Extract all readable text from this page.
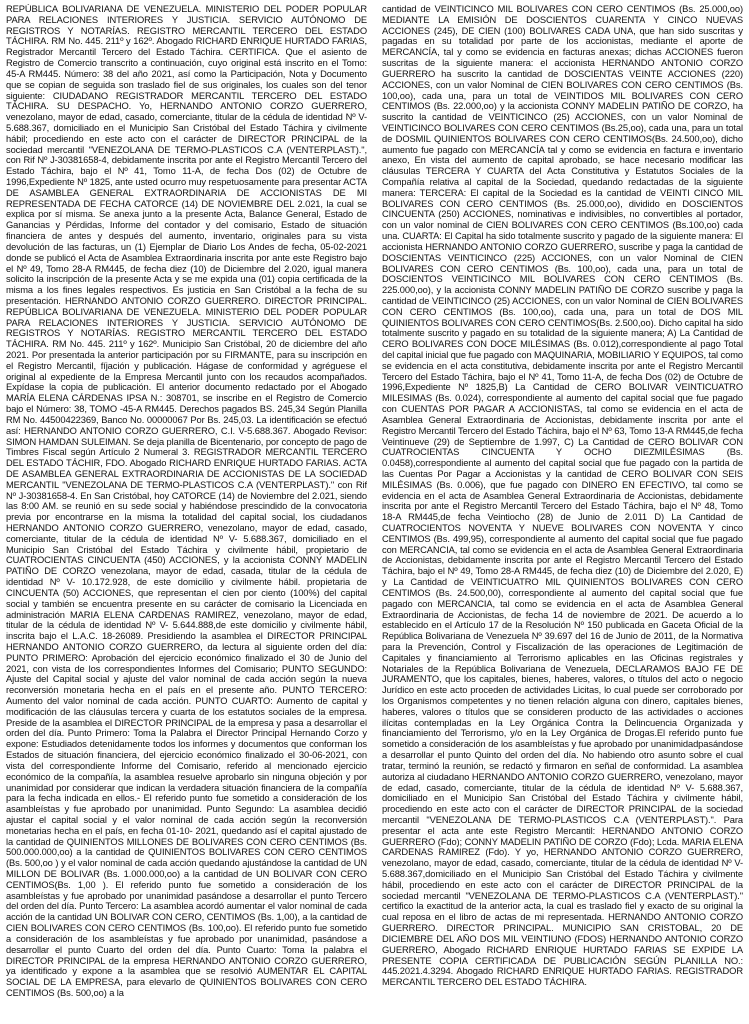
REPÚBLICA BOLIVARIANA DE VENEZUELA. MINISTERIO DEL PODER POPULAR PARA RELACIONES INTERIORES Y JUSTICIA. SERVICIO AUTÓNOMO DE REGISTROS Y NOTARÍAS. REGISTRO MERCANTIL TERCERO DEL ESTADO TÁCHIRA. RM No. 445. 211º y 162º. Abogado RICHARD ENRIQUE HURTADO FARIAS, Registrador Mercantil Tercero del Estado Táchira. CERTIFICA. Que el asiento de Registro de Comercio transcrito a continuación, cuyo original está inscrito en el Tomo: 45-A RM445. Número: 38 del año 2021, así como la Participación, Nota y Documento que se copian de seguida son traslado fiel de sus originales, los cuales son del tenor siguiente: CIUDADANO REGISTRADOR MERCANTIL TERCERO DEL ESTADO TÁCHIRA. SU DESPACHO. Yo, HERNANDO ANTONIO CORZO GUERRERO, venezolano, mayor de edad, casado, comerciante, titular de la cédula de identidad Nº V- 5.688.367, domiciliado en el Municipio San Cristóbal del Estado Táchira y civilmente hábil; procediendo en este acto con el carácter de DIRECTOR PRINCIPAL de la sociedad mercantil "VENEZOLANA DE TERMO-PLASTICOS C.A (VENTERPLAST).", con Rif Nº J-30381658-4, debidamente inscrita por ante el Registro Mercantil Tercero del Estado Táchira, bajo el Nº 41, Tomo 11-A, de fecha Dos (02) de Octubre de 1996,Expediente Nº 1825, ante usted ocurro muy respetuosamente para presentar ACTA DE ASAMBLEA GENERAL EXTRAORDINARIA DE ACCIONISTAS DE MI REPRESENTADA DE FECHA CATORCE (14) DE NOVIEMBRE DEL 2.021, la cual se explica por sí misma. Se anexa junto a la presente Acta, Balance General, Estado de Ganancias y Pérdidas, Informe del contador y del comisario, Estado de situación financiera de antes y después del aumento, inventario, originales para su vista devolución de las facturas, un (1) Ejemplar de Diario Los Andes de fecha, 05-02-2021 donde se publicó el Acta de Asamblea Extraordinaria inscrita por ante este Registro bajo el Nº 49, Tomo 28-A RM445, de fecha diez (10) de Diciembre del 2.020, igual manera solicito la inscripción de la presente Acta y se me expida una (01) copia certificada de la misma a los fines legales respectivos. Es justicia en San Cristóbal a la fecha de su presentación. HERNANDO ANTONIO CORZO GUERRERO. DIRECTOR PRINCIPAL. REPÚBLICA BOLIVARIANA DE VENEZUELA. MINISTERIO DEL PODER POPULAR PARA RELACIONES INTERIORES Y JUSTICIA. SERVICIO AUTÓNOMO DE REGISTROS Y NOTARÍAS. REGISTRO MERCANTIL TERCERO DEL ESTADO TÁCHIRA. RM No. 445. 211º y 162º. Municipio San Cristóbal, 20 de diciembre del año 2021. Por presentada la anterior participación por su FIRMANTE, para su inscripción en el Registro Mercantil, fíjación y publicación. Hágase de conformidad y agréguese el original al expediente de la Empresa Mercantil junto con los recaudos acompañados. Expídase la copia de publicación. El anterior documento redactado por el Abogado MARÍA ELENA CÁRDENAS IPSA N.: 308701, se inscribe en el Registro de Comercio bajo el Número: 38, TOMO -45-A RM445. Derechos pagados BS. 245,34 Según Planilla RM No. 44500422369, Banco No. 00000067 Por Bs. 245,03. La identificación se efectuó así: HERNANDO ANTONIO CORZO GUERRERO, C.I. V-5.688.367. Abogado Revisor: SIMON HAMDAN SULEIMAN. Se deja planilla de Bicentenario, por concepto de pago de Timbres Fiscal según Artículo 2 Numeral 3. REGISTRADOR MERCANTIL TERCERO DEL ESTADO TÁCHIR, FDO. Abogado RICHARD ENRIQUE HURTADO FARIAS. ACTA DE ASAMBLEA GENERAL EXTRAORDINARIA DE ACCIONISTAS DE LA SOCIEDAD MERCANTIL "VENEZOLANA DE TERMO-PLASTICOS C.A (VENTERPLAST)." con Rif Nº J-30381658-4. En San Cristóbal, hoy CATORCE (14) de Noviembre del 2.021, siendo las 8:00 AM. se reunió en su sede social y habiéndose prescindido de la convocatoria previa por encontrarse en la misma la totalidad del capital social, los ciudadanos HERNANDO ANTONIO CORZO GUERRERO, venezolano, mayor de edad, casado, comerciante, titular de la cédula de identidad Nº V- 5.688.367, domiciliado en el Municipio San Cristóbal del Estado Táchira y civilmente hábil, propietario de CUATROCIENTAS CINCUENTA (450) ACCIONES, y la accionista CONNY MADELIN PATIÑO DE CORZO venezolana, mayor de edad, casada, titular de la cédula de identidad Nº V- 10.172.928, de este domicilio y civilmente hábil. propietaria de CINCUENTA (50) ACCIONES, que representan el cien por ciento (100%) del capital social y también se encuentra presente en su carácter de comisario la Licenciada en administración MARIA ELENA CARDENAS RAMIREZ, venezolano, mayor de edad, titular de la cédula de identidad Nº V- 5.644.888,de este domicilio y civilmente hábil, inscrita bajo el L.A.C. 18-26089. Presidiendo la asamblea el DIRECTOR PRINCIPAL HERNANDO ANTONIO CORZO GUERRERO, da lectura al siguiente orden del día: PUNTO PRIMERO: Aprobación del ejercicio económico finalizado el 30 de Junio del 2021, con vista de los correspondientes Informes del Comisario; PUNTO SEGUNDO: Ajuste del Capital social y ajuste del valor nominal de cada acción según la nueva reconversión monetaria hecha en el país en el presente año. PUNTO TERCERO: Aumento del valor nominal de cada acción. PUNTO CUARTO: Aumento de capital y modificación de las cláusulas tercera y cuarta de los estatutos sociales de la empresa. Preside de la asamblea el DIRECTOR PRINCIPAL de la empresa y pasa a desarrollar el orden del día. Punto Primero: Toma la Palabra el Director Principal Hernando Corzo y expone: Estudiados detenidamente todos los informes y documentos que conforman los Estados de situación financiera, del ejercicio económico finalizado el 30-06-2021, con vista del correspondiente Informe del Comisario, referido al mencionado ejercicio económico de la compañía, la asamblea resuelve aprobarlo sin ninguna objeción y por unanimidad por considerar que indican la verdadera situación financiera de la compañía para la fecha indicada en ellos.- El referido punto fue sometido a consideración de los asambleístas y fue aprobado por unanimidad. Punto Segundo: La asamblea decidió ajustar el capital social y el valor nominal de cada acción según la reconversión monetarias hecha en el país, en fecha 01-10- 2021, quedando así el capital ajustado de la cantidad de QUINIENTOS MILLONES DE BOLIVARES CON CERO CENTIMOS (Bs. 500.000.000,oo) a la cantidad de QUINIENTOS BOLIVARES CON CERO CENTIMOS (Bs. 500,oo ) y el valor nominal de cada acción quedando ajustándose la cantidad de UN MILLON DE BOLIVAR (Bs. 1.000.000,oo) a la cantidad de UN BOLIVAR CON CERO CENTIMOS(Bs. 1,00 ). El referido punto fue sometido a consideración de los asambleístas y fue aprobado por unanimidad pasándose a desarrollar el punto Tercero del orden del día. Punto Tercero: La asamblea acordó aumentar el valor nominal de cada acción de la cantidad UN BOLIVAR CON CERO, CENTIMOS (Bs. 1,00), a la cantidad de CIEN BOLIVARES CON CERO CENTIMOS (Bs. 100,oo). El referido punto fue sometido a consideración de los asambleístas y fue aprobado por unanimidad, pasándose a desarrollar el punto Cuarto del orden del día. Punto Cuarto: Toma la palabra el DIRECTOR PRINCIPAL de la empresa HERNANDO ANTONIO CORZO GUERRERO, ya identificado y expone a la asamblea que se resolvió AUMENTAR EL CAPITAL SOCIAL DE LA EMPRESA, para elevarlo de QUINIENTOS BOLIVARES CON CERO CENTIMOS (Bs. 500,oo) a la

cantidad de VEINTICINCO MIL BOLIVARES CON CERO CENTIMOS (Bs. 25.000,oo) MEDIANTE LA EMISIÓN DE DOSCIENTOS CUARENTA Y CINCO NUEVAS ACCIONES (245), DE CIEN (100) BOLIVARES CADA UNA, que han sido suscritas y pagadas en su totalidad por parte de los accionistas, mediante el aporte de MERCANCÍA, tal y como se evidencia en facturas anexas; dichas ACCIONES fueron suscritas de la siguiente manera: el accionista HERNANDO ANTONIO CORZO GUERRERO ha suscrito la cantidad de DOSCIENTAS VEINTE ACCIONES (220) ACCIONES, con un valor Nominal de CIEN BOLIVARES CON CERO CENTIMOS (Bs. 100,oo), cada una, para un total de VEINTIDOS MIL BOLIVARES CON CERO CENTIMOS (Bs. 22.000,oo) y la accionista CONNY MADELIN PATIÑO DE CORZO, ha suscrito la cantidad de VEINTICINCO (25) ACCIONES, con un valor Nominal de VEINTICINCO BOLIVARES CON CERO CENTIMOS (Bs.25,oo), cada una, para un total de DOSMIL QUINIENTOS BOLIVARES CON CERO CENTIMOS(Bs. 24.500,oo), dicho aumento fue pagado con MERCANCÍA tal y como se evidencia en factura e inventario anexo, En vista del aumento de capital aprobado, se hace necesario modificar las cláusulas TERCERA Y CUARTA del Acta Constitutiva y Estatutos Sociales de la Compañía relativa al capital de la Sociedad, quedando redactadas de la siguiente manera: TERCERA: El capital de la Sociedad es la cantidad de VEINTI CINCO MIL BOLIVARES CON CERO CENTIMOS (Bs. 25.000,oo), dividido en DOSCIENTOS CINCUENTA (250) ACCIONES, nominativas e indivisibles, no convertibles al portador, con un valor nominal de CIEN BOLIVARES CON CERO CENTIMOS (Bs.100,oo) cada una. CUARTA: El Capital ha sido totalmente suscrito y pagado de la siguiente manera: El accionista HERNANDO ANTONIO CORZO GUERRERO, suscribe y paga la cantidad de DOSCIENTAS VEINTICINCO (225) ACCIONES, con un valor Nominal de CIEN BOLIVARES CON CERO CENTIMOS (Bs. 100,oo), cada una, para un total de DOSCIENTOS VEINTICINCO MIL BOLIVARES CON CERO CENTIMOS (Bs. 225.000,oo), y la accionista CONNY MADELIN PATIÑO DE CORZO suscribe y paga la cantidad de VEINTICINCO (25) ACCIONES, con un valor Nominal de CIEN BOLIVARES CON CERO CENTIMOS (Bs. 100,oo), cada una, para un total de DOS MIL QUINIENTOS BOLIVARES CON CERO CENTIMOS(Bs. 2.500,oo). Dicho capital ha sido totalmente suscrito y pagado en su totalidad de la siguiente manera; A) La Cantidad de CERO BOLIVARES CON DOCE MILÉSIMAS (Bs. 0.012),correspondiente al pago Total del capital inicial que fue pagado con MAQUINARIA, MOBILIARIO Y EQUIPOS, tal como se evidencia en el acta constitutiva, debidamente inscrita por ante el Registro Mercantil Tercero del Estado Táchira, bajo el Nº 41, Tomo 11-A, de fecha Dos (02) de Octubre de 1996,Expediente Nº 1825,B) La Cantidad de CERO BOLIVAR VEINTICUATRO MILESIMAS (Bs. 0.024), correspondiente al aumento del capital social que fue pagado con CUENTAS POR PAGAR A ACCIONISTAS, tal como se evidencia en el acta de Asamblea General Extraordinaria de Accionistas, debidamente inscrita por ante el Registro Mercantil Tercero del Estado Táchira, bajo el Nº 63, Tomo 13-A RM445,de fecha Veintinueve (29) de Septiembre de 1.997, C) La Cantidad de CERO BOLIVAR CON CUATROCIENTAS CINCUENTA Y OCHO DIEZMILÉSIMAS (Bs. 0.0458),correspondiente al aumento del capital social que fue pagado con la partida de las Cuentas Por Pagar a Accionistas y la cantidad de CERO BOLIVAR CON SEIS MILÉSIMAS (Bs. 0.006), que fue pagado con DINERO EN EFECTIVO, tal como se evidencia en el acta de Asamblea General Extraordinaria de Accionistas, debidamente inscrita por ante el Registro Mercantil Tercero del Estado Táchira, bajo el Nº 48, Tomo 18-A RM445,de fecha Veintiocho (28) de Junio de 2.011 D) La Cantidad de CUATROCIENTOS NOVENTA Y NUEVE BOLIVARES CON NOVENTA Y cinco CENTIMOS (Bs. 499,95), correspondiente al aumento del capital social que fue pagado con MERCANCIA, tal como se evidencia en el acta de Asamblea General Extraordinaria de Accionistas, debidamente inscrita por ante el Registro Mercantil Tercero del Estado Táchira, bajo el Nº 49, Tomo 28-A RM445, de fecha diez (10) de Diciembre del 2.020, E) y La Cantidad de VEINTICUATRO MIL QUINIENTOS BOLIVARES CON CERO CENTIMOS (Bs. 24.500,00), correspondiente al aumento del capital social que fue pagado con MERCANCIA, tal como se evidencia en el acta de Asamblea General Extraordinaria de Accionistas, de fecha 14 de noviembre de 2021. De acuerdo a lo establecido en el Artículo 17 de la Resolución Nº 150 publicada en Gaceta Oficial de la República Bolivariana de Venezuela Nº 39.697 del 16 de Junio de 2011, de la Normativa para la Prevención, Control y Fiscalización de las operaciones de Legitimación de Capitales y financiamiento al Terrorismo aplicables en las Oficinas registrales y Notariales de la República Bolivariana de Venezuela, DECLARAMOS BAJO FE DE JURAMENTO, que los capitales, bienes, haberes, valores, o títulos del acto o negocio Jurídico en este acto proceden de actividades Licitas, lo cual puede ser corroborado por los Organismos competentes y no tienen relación alguna con dinero, capitales bienes, haberes, valores o títulos que se consideren producto de las actividades o acciones ilícitas contempladas en la Ley Orgánica Contra la Delincuencia Organizada y financiamiento del Terrorismo, y/o en la Ley Orgánica de Drogas.El referido punto fue sometido a consideración de los asambleístas y fue aprobado por unanimidadpasándose a desarrollar el punto Quinto del orden del día. No habiendo otro asunto sobre el cual tratar, terminó la reunión, se redactó y firmaron en señal de conformidad. La asamblea autoriza al ciudadano HERNANDO ANTONIO CORZO GUERRERO, venezolano, mayor de edad, casado, comerciante, titular de la cédula de identidad Nº V- 5.688.367, domiciliado en el Municipio San Cristóbal del Estado Táchira y civilmente hábil, procediendo en este acto con el carácter de DIRECTOR PRINCIPAL de la sociedad mercantil "VENEZOLANA DE TERMO-PLASTICOS C.A (VENTERPLAST).". Para presentar el acta ante este Registro Mercantil: HERNANDO ANTONIO CORZO GUERRERO (Fdo); CONNY MADELIN PATIÑO DE CORZO (Fdo); Lcda. MARIA ELENA CARDENAS RAMIREZ (Fdo). Y yo, HERNANDO ANTONIO CORZO GUERRERO, venezolano, mayor de edad, casado, comerciante, titular de la cédula de identidad Nº V- 5.688.367,domiciliado en el Municipio San Cristóbal del Estado Táchira y civilmente hábil, procediendo en este acto con el carácter de DIRECTOR PRINCIPAL de la sociedad mercantil "VENEZOLANA DE TERMO-PLASTICOS C.A (VENTERPLAST)." certifico la exactitud de la anterior acta, la cual es traslado fiel y exacto de su original la cual reposa en el libro de actas de mi representada. HERNANDO ANTONIO CORZO GUERRERO. DIRECTOR PRINCIPAL. MUNICIPIO SAN CRISTOBAL, 20 DE DICIEMBRE DEL AÑO DOS MIL VEINTIUNO (FDOS) HERNANDO ANTONIO CORZO GUERRERO, Abogado RICHARD ENRIQUE HURTADO FARIAS SE EXPIDE LA PRESENTE COPIA CERTIFICADA DE PUBLICACIÓN SEGÚN PLANILLA NO.: 445.2021.4.3294. Abogado RICHARD ENRIQUE HURTADO FARIAS. REGISTRADOR MERCANTIL TERCERO DEL ESTADO TÁCHIRA.
